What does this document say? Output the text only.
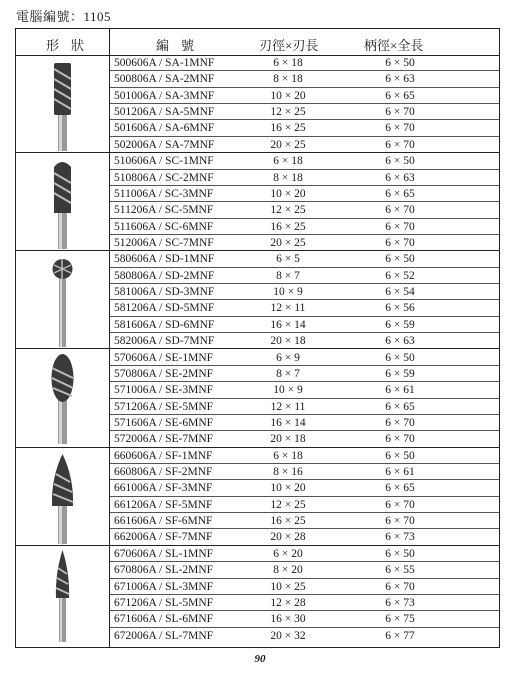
電腦編號：1105
形狀	編號	刃徑×刃長	柄徑×全長
500606A / SA-1MNF	6 × 18	6 × 50
500806A / SA-2MNF	8 × 18	6 × 63
501006A / SA-3MNF	10 × 20	6 × 65
501206A / SA-5MNF	12 × 25	6 × 70
501606A / SA-6MNF	16 × 25	6 × 70
502006A / SA-7MNF	20 × 25	6 × 70
510606A / SC-1MNF	6 × 18	6 × 50
510806A / SC-2MNF	8 × 18	6 × 63
511006A / SC-3MNF	10 × 20	6 × 65
511206A / SC-5MNF	12 × 25	6 × 70
511606A / SC-6MNF	16 × 25	6 × 70
512006A / SC-7MNF	20 × 25	6 × 70
580606A / SD-1MNF	6 × 5	6 × 50
580806A / SD-2MNF	8 × 7	6 × 52
581006A / SD-3MNF	10 × 9	6 × 54
581206A / SD-5MNF	12 × 11	6 × 56
581606A / SD-6MNF	16 × 14	6 × 59
582006A / SD-7MNF	20 × 18	6 × 63
570606A / SE-1MNF	6 × 9	6 × 50
570806A / SE-2MNF	8 × 7	6 × 59
571006A / SE-3MNF	10 × 9	6 × 61
571206A / SE-5MNF	12 × 11	6 × 65
571606A / SE-6MNF	16 × 14	6 × 70
572006A / SE-7MNF	20 × 18	6 × 70
660606A / SF-1MNF	6 × 18	6 × 50
660806A / SF-2MNF	8 × 16	6 × 61
661006A / SF-3MNF	10 × 20	6 × 65
661206A / SF-5MNF	12 × 25	6 × 70
661606A / SF-6MNF	16 × 25	6 × 70
662006A / SF-7MNF	20 × 28	6 × 73
670606A / SL-1MNF	6 × 20	6 × 50
670806A / SL-2MNF	8 × 20	6 × 55
671006A / SL-3MNF	10 × 25	6 × 70
671206A / SL-5MNF	12 × 28	6 × 73
671606A / SL-6MNF	16 × 30	6 × 75
672006A / SL-7MNF	20 × 32	6 × 77
90
